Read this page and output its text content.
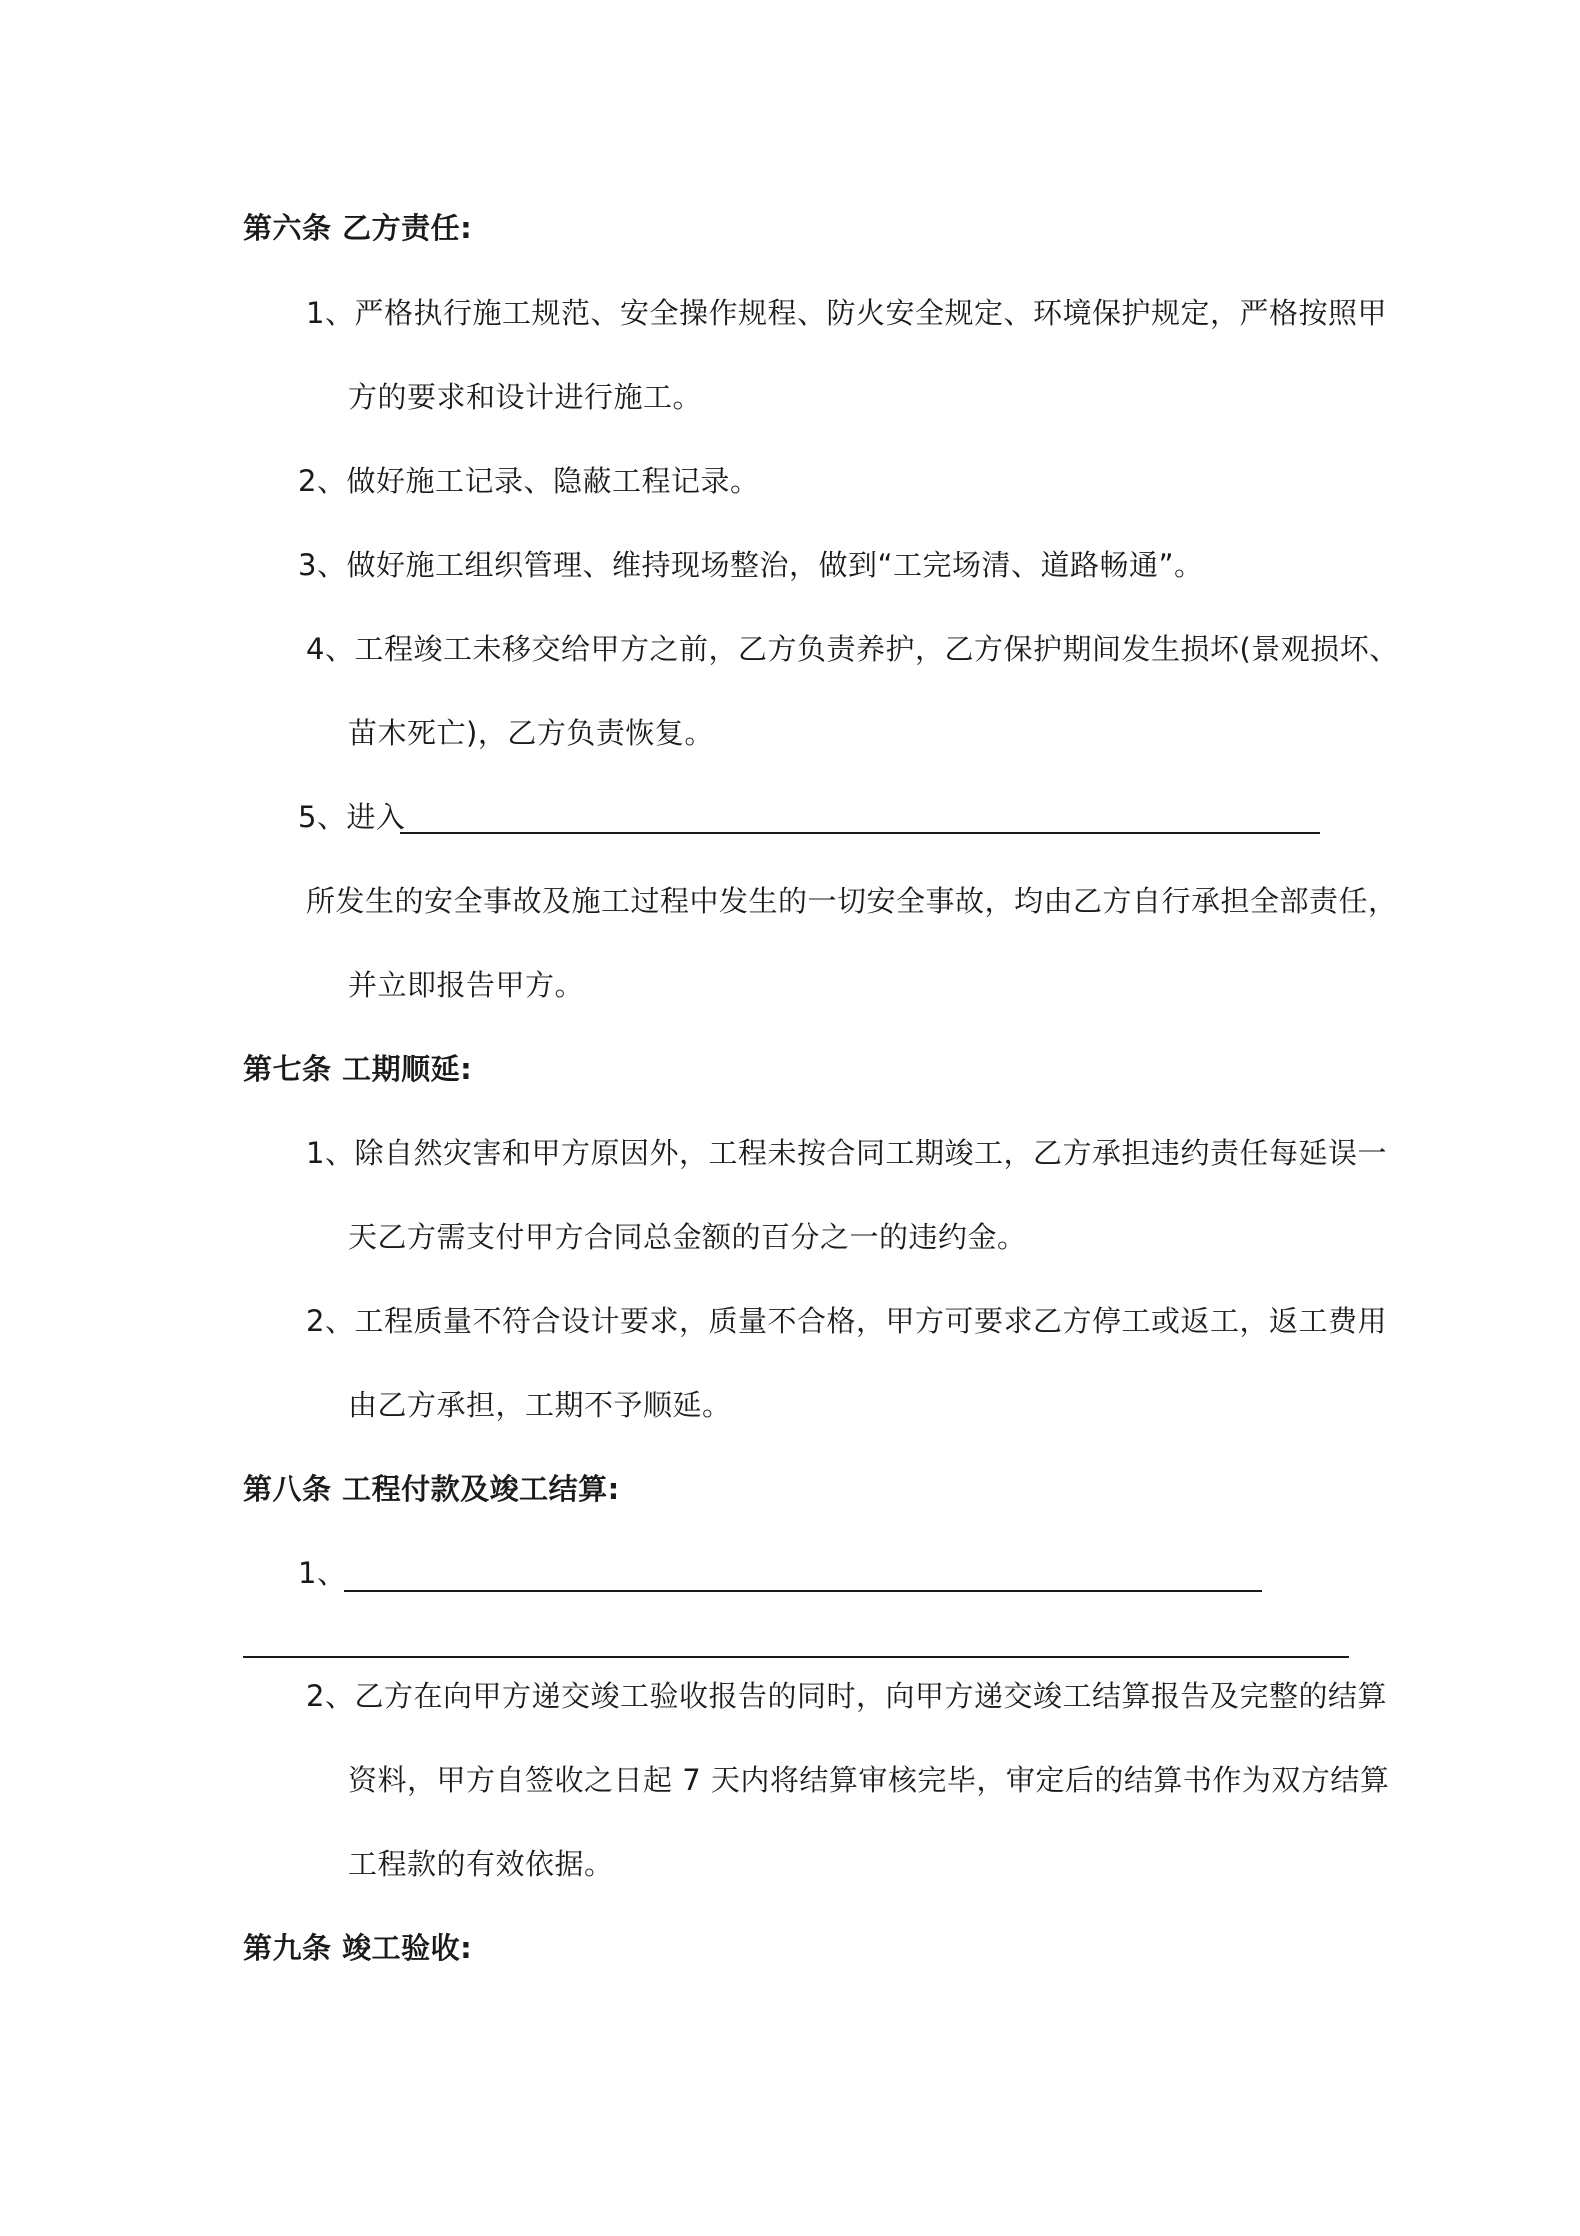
第六条 乙方责任:
1、严格执行施工规范、安全操作规程、防火安全规定、环境保护规定，严格按照甲
方的要求和设计进行施工。
2、做好施工记录、隐蔽工程记录。
3、做好施工组织管理、维持现场整治，做到“工完场清、道路畅通”。
4、工程竣工未移交给甲方之前，乙方负责养护，乙方保护期间发生损坏(景观损坏、
苗木死亡)，乙方负责恢复。
5、进入
所发生的安全事故及施工过程中发生的一切安全事故，均由乙方自行承担全部责任，
并立即报告甲方。
第七条 工期顺延:
1、除自然灾害和甲方原因外，工程未按合同工期竣工，乙方承担违约责任每延误一
天乙方需支付甲方合同总金额的百分之一的违约金。
2、工程质量不符合设计要求，质量不合格，甲方可要求乙方停工或返工，返工费用
由乙方承担，工期不予顺延。
第八条 工程付款及竣工结算:
1、
2、乙方在向甲方递交竣工验收报告的同时，向甲方递交竣工结算报告及完整的结算
资料，甲方自签收之日起 7 天内将结算审核完毕，审定后的结算书作为双方结算
工程款的有效依据。
第九条 竣工验收:
